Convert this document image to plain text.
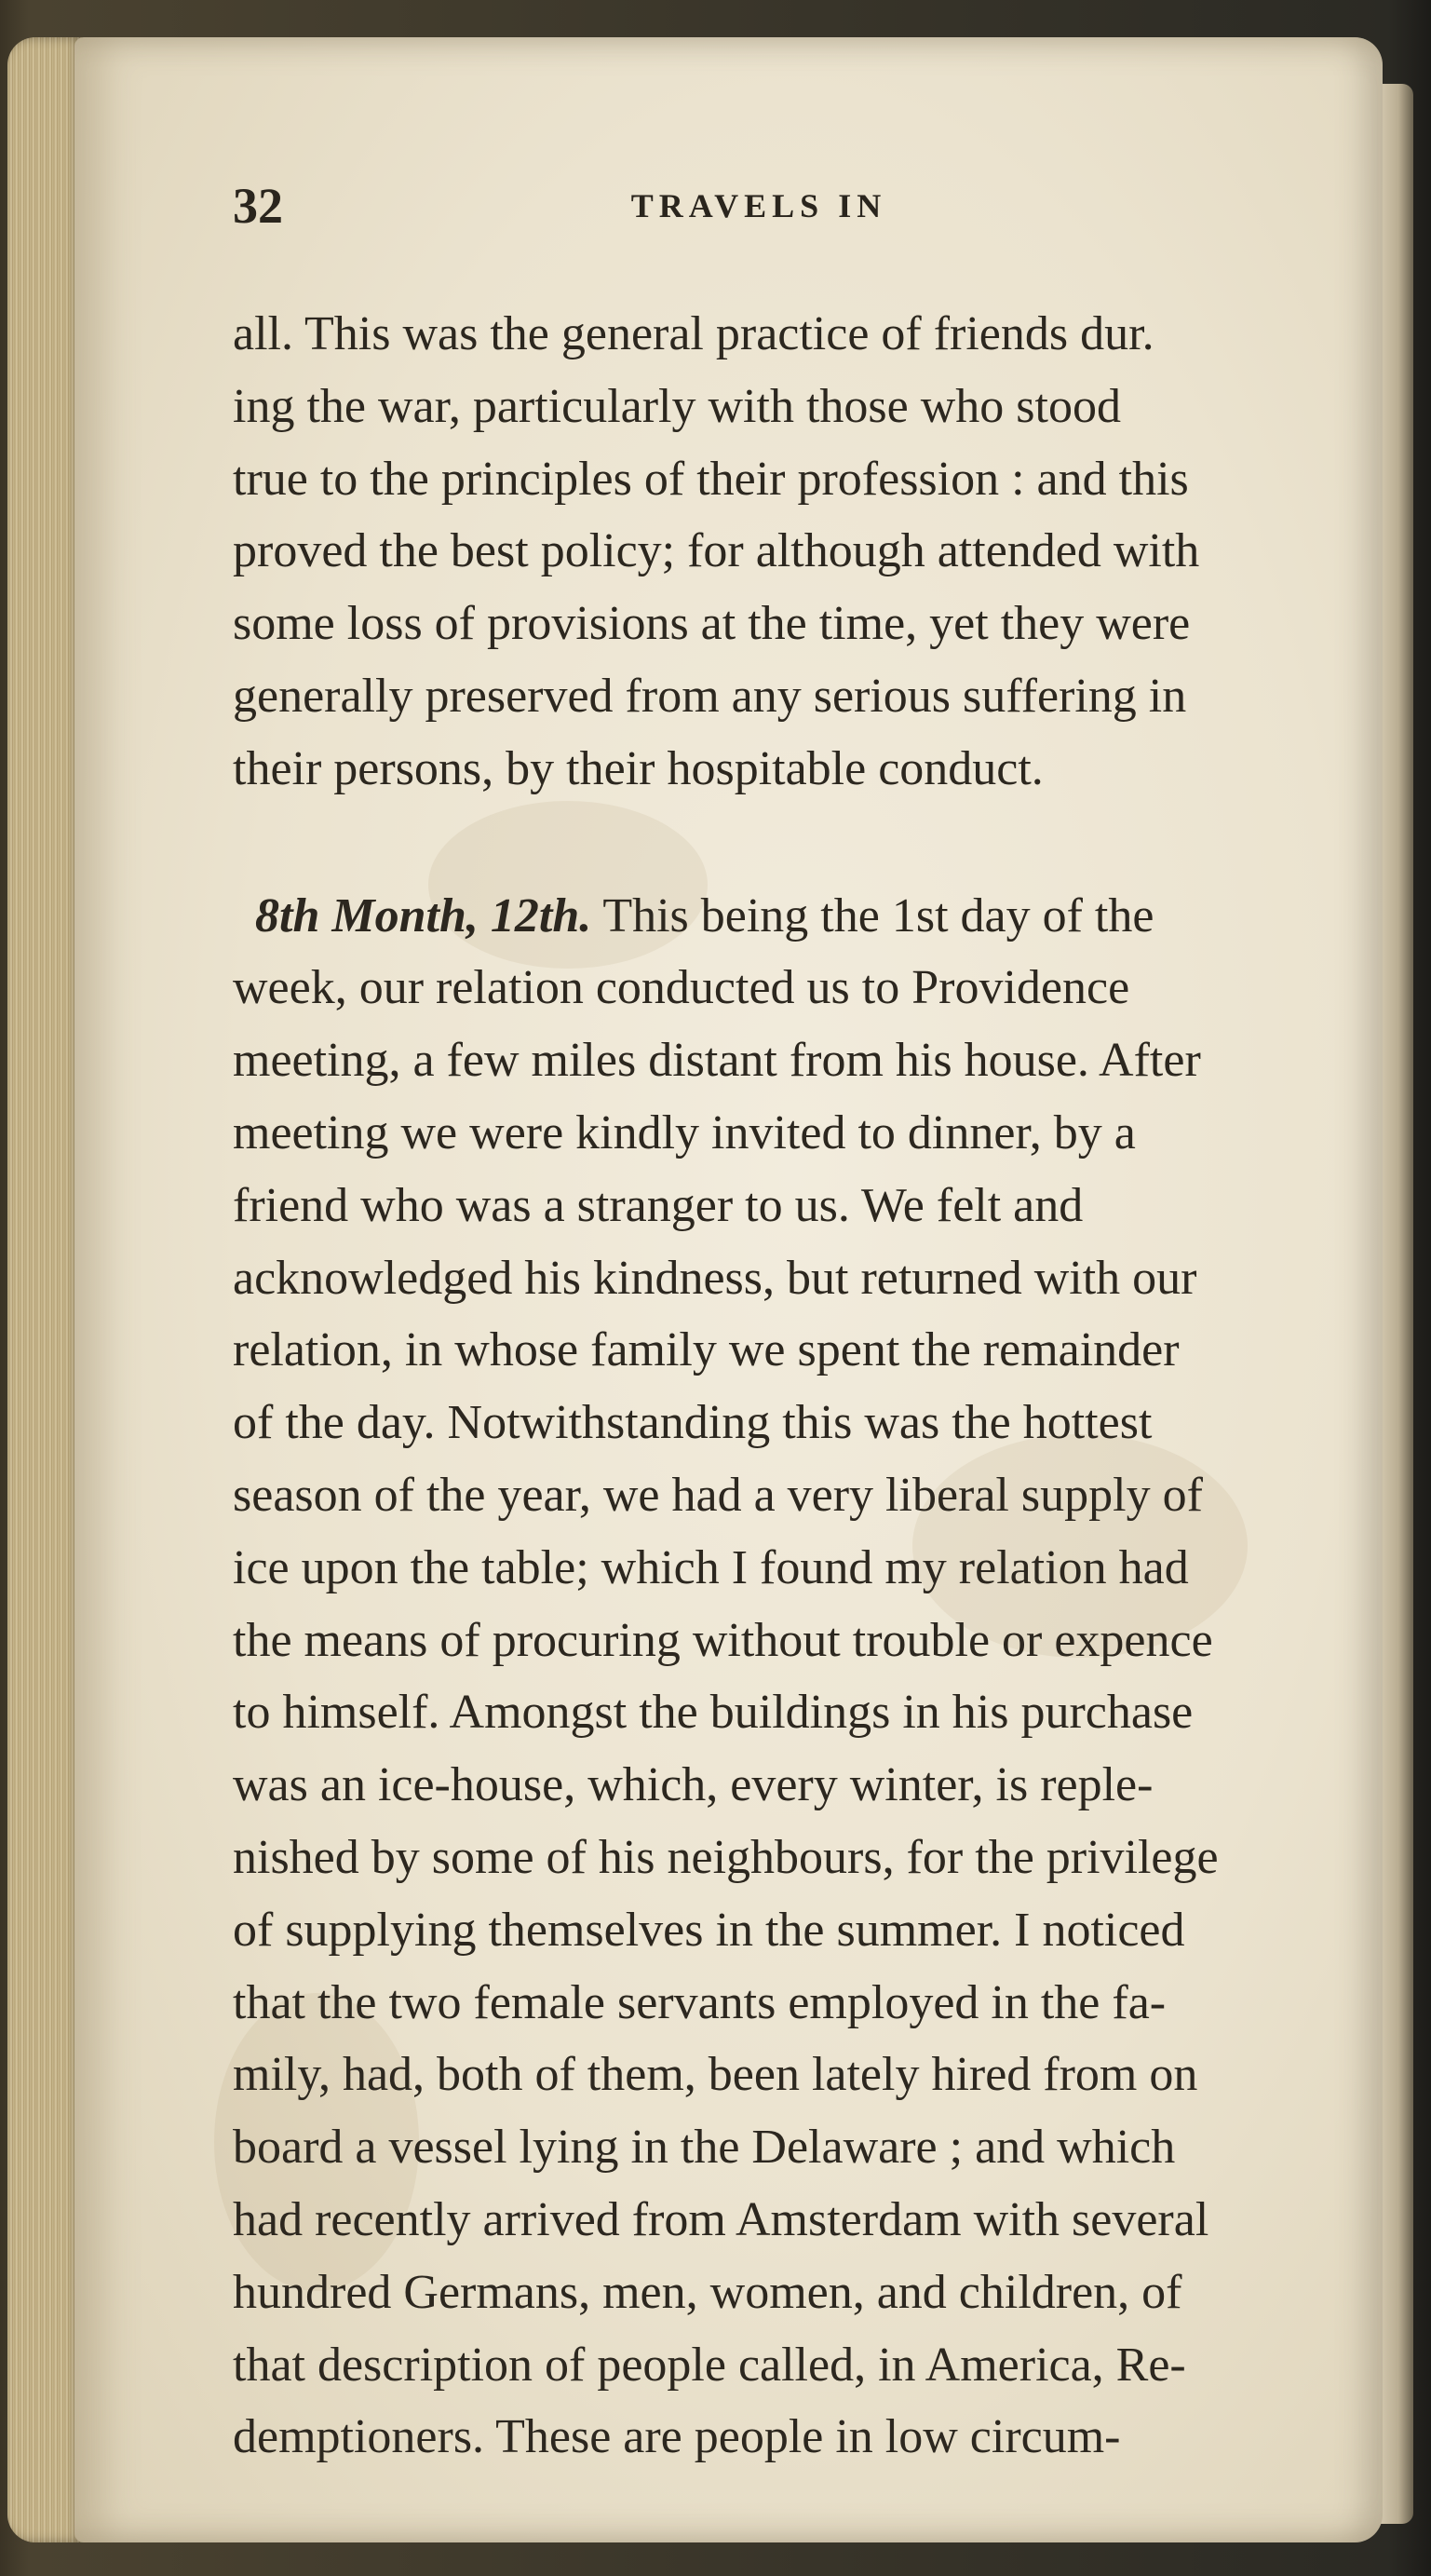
32	TRAVELS IN
all. This was the general practice of friends dur.
ing the war, particularly with those who stood
true to the principles of their profession : and this
proved the best policy; for although attended with
some loss of provisions at the time, yet they were
generally preserved from any serious suffering in
their persons, by their hospitable conduct.
8th Month, 12th. This being the 1st day of the
week, our relation conducted us to Providence
meeting, a few miles distant from his house. After
meeting we were kindly invited to dinner, by a
friend who was a stranger to us. We felt and
acknowledged his kindness, but returned with our
relation, in whose family we spent the remainder
of the day. Notwithstanding this was the hottest
season of the year, we had a very liberal supply of
ice upon the table; which I found my relation had
the means of procuring without trouble or expence
to himself. Amongst the buildings in his purchase
was an ice-house, which, every winter, is reple-
nished by some of his neighbours, for the privilege
of supplying themselves in the summer. I noticed
that the two female servants employed in the fa-
mily, had, both of them, been lately hired from on
board a vessel lying in the Delaware ; and which
had recently arrived from Amsterdam with several
hundred Germans, men, women, and children, of
that description of people called, in America, Re-
demptioners. These are people in low circum-
